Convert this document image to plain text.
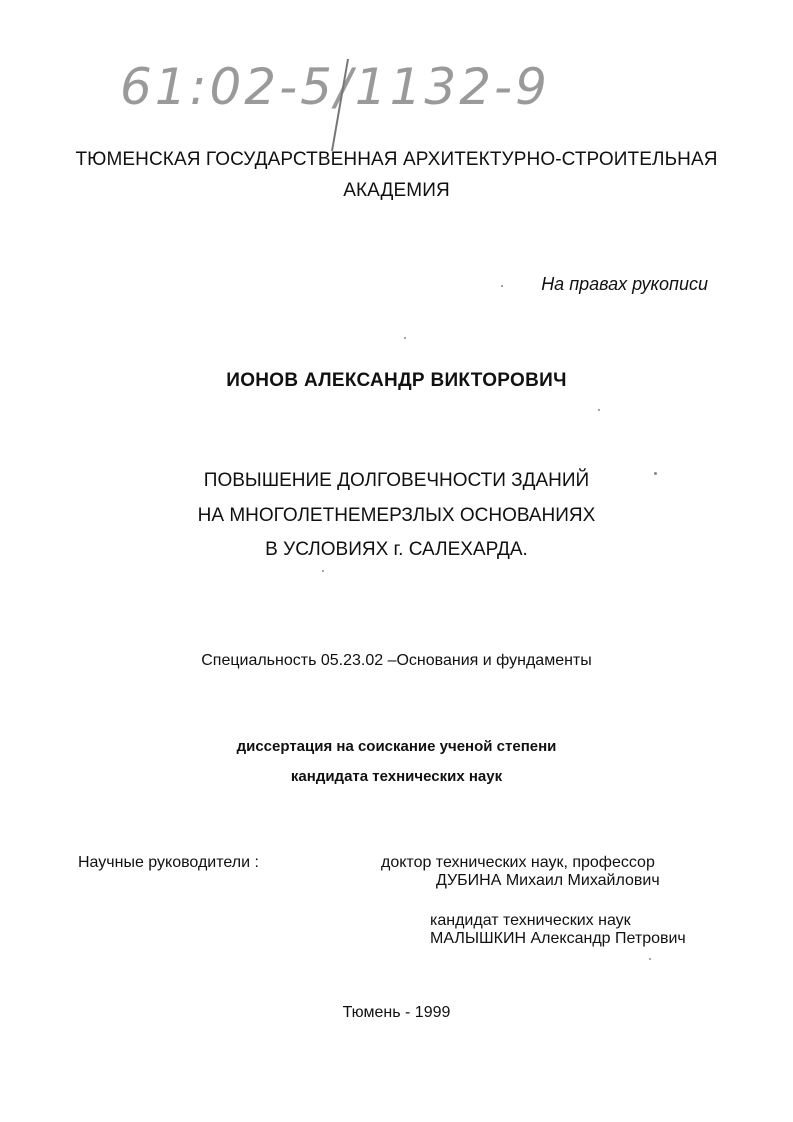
61:02-5/1132-9
ТЮМЕНСКАЯ ГОСУДАРСТВЕННАЯ АРХИТЕКТУРНО-СТРОИТЕЛЬНАЯ
АКАДЕМИЯ
На правах рукописи
ИОНОВ АЛЕКСАНДР ВИКТОРОВИЧ
ПОВЫШЕНИЕ ДОЛГОВЕЧНОСТИ ЗДАНИЙ
НА МНОГОЛЕТНЕМЕРЗЛЫХ ОСНОВАНИЯХ
В УСЛОВИЯХ г. САЛЕХАРДА.
Специальность 05.23.02 –Основания и фундаменты
диссертация на соискание ученой степени
кандидата технических наук
Научные руководители :	доктор технических наук, профессор
ДУБИНА Михаил Михайлович
кандидат технических наук
МАЛЫШКИН Александр Петрович
Тюмень - 1999
